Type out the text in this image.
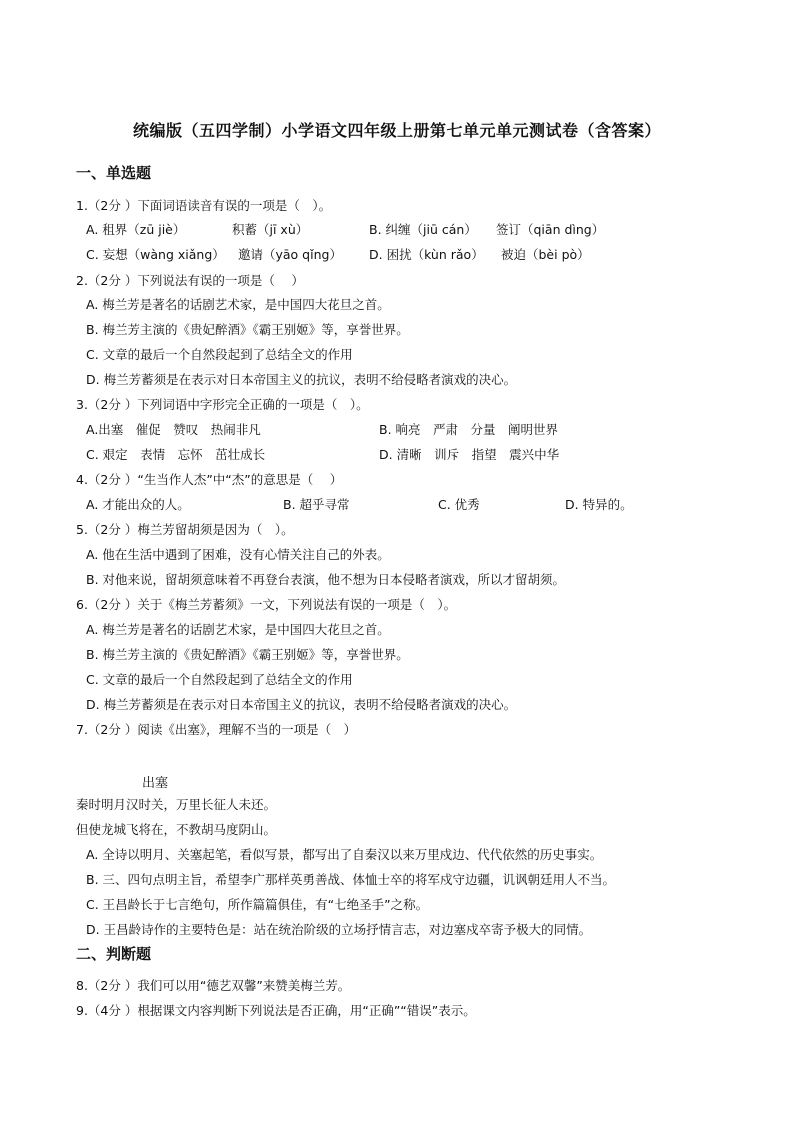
统编版（五四学制）小学语文四年级上册第七单元单元测试卷（含答案）
一、单选题
1.（2分 ）下面词语读音有误的一项是（　）。
A. 租界（zū jiè）	积蓄（jī xù）	B. 纠缠（jiū cán） 签订（qiān dìng）
C. 妄想（wàng xiǎng） 邀请（yāo qǐng） D. 困扰（kùn rǎo） 被迫（bèi pò）
2.（2分 ）下列说法有误的一项是（　 ）
A. 梅兰芳是著名的话剧艺术家，是中国四大花旦之首。
B. 梅兰芳主演的《贵妃醉酒》《霸王别姬》等，享誉世界。
C. 文章的最后一个自然段起到了总结全文的作用
D. 梅兰芳蓄须是在表示对日本帝国主义的抗议，表明不给侵略者演戏的决心。
3.（2分 ）下列词语中字形完全正确的一项是（　）。
A.出塞　催促　赞叹　热闹非凡	B. 响亮　严肃　分量　阐明世界
C. 艰定　表情　忘怀　茁壮成长	D. 清晰　训斥　指望　震兴中华
4.（2分 ）“生当作人杰”中“杰”的意思是（　 ）
A. 才能出众的人。	B. 超乎寻常	C. 优秀	D. 特异的。
5.（2分 ）梅兰芳留胡须是因为（　）。
A. 他在生活中遇到了困难，没有心情关注自己的外表。
B. 对他来说，留胡须意味着不再登台表演，他不想为日本侵略者演戏，所以才留胡须。
6.（2分 ）关于《梅兰芳蓄须》一文，下列说法有误的一项是（　）。
A. 梅兰芳是著名的话剧艺术家，是中国四大花旦之首。
B. 梅兰芳主演的《贵妃醉酒》《霸王别姬》等，享誉世界。
C. 文章的最后一个自然段起到了总结全文的作用
D. 梅兰芳蓄须是在表示对日本帝国主义的抗议，表明不给侵略者演戏的决心。
7.（2分 ）阅读《出塞》，理解不当的一项是（　）
出塞
秦时明月汉时关，万里长征人未还。
但使龙城飞将在，不教胡马度阴山。
A. 全诗以明月、关塞起笔，看似写景，都写出了自秦汉以来万里戍边、代代依然的历史事实。
B. 三、四句点明主旨，希望李广那样英勇善战、体恤士卒的将军戍守边疆，讥讽朝廷用人不当。
C. 王昌龄长于七言绝句，所作篇篇俱佳，有“七绝圣手”之称。
D. 王昌龄诗作的主要特色是：站在统治阶级的立场抒情言志，对边塞戍卒寄予极大的同情。
二、判断题
8.（2分 ）我们可以用“德艺双馨”来赞美梅兰芳。
9.（4分 ）根据课文内容判断下列说法是否正确，用“正确”“错误”表示。
